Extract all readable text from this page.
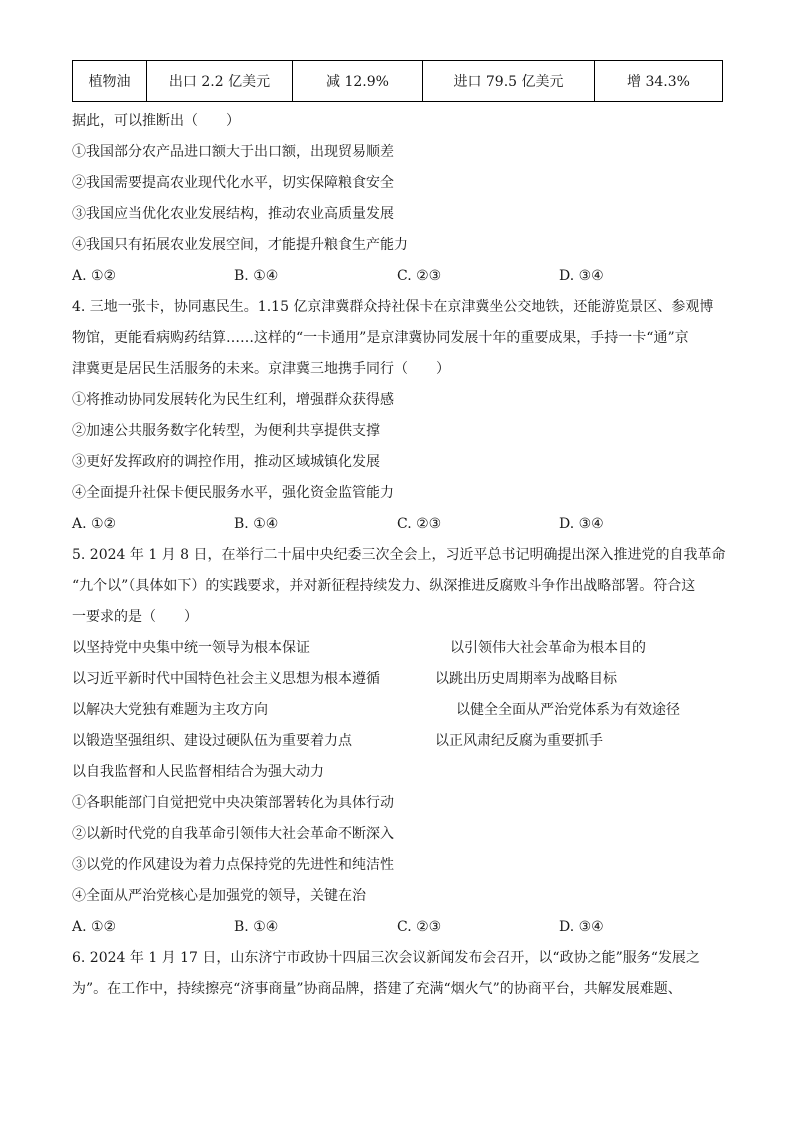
植物油	出口 2.2 亿美元	减 12.9%	进口 79.5 亿美元	增 34.3%
据此，可以推断出（　　）
①我国部分农产品进口额大于出口额，出现贸易顺差
②我国需要提高农业现代化水平，切实保障粮食安全
③我国应当优化农业发展结构，推动农业高质量发展
④我国只有拓展农业发展空间，才能提升粮食生产能力
A. ①②	B. ①④	C. ②③	D. ③④
4. 三地一张卡，协同惠民生。1.15 亿京津冀群众持社保卡在京津冀坐公交地铁，还能游览景区、参观博
物馆，更能看病购药结算……这样的“一卡通用”是京津冀协同发展十年的重要成果，手持一卡“通”京
津冀更是居民生活服务的未来。京津冀三地携手同行（　　）
①将推动协同发展转化为民生红利，增强群众获得感
②加速公共服务数字化转型，为便利共享提供支撑
③更好发挥政府的调控作用，推动区域城镇化发展
④全面提升社保卡便民服务水平，强化资金监管能力
A. ①②	B. ①④	C. ②③	D. ③④
5. 2024 年 1 月 8 日，在举行二十届中央纪委三次全会上，习近平总书记明确提出深入推进党的自我革命
“九个以”（具体如下）的实践要求，并对新征程持续发力、纵深推进反腐败斗争作出战略部署。符合这
一要求的是（　　）
以坚持党中央集中统一领导为根本保证	以引领伟大社会革命为根本目的
以习近平新时代中国特色社会主义思想为根本遵循	以跳出历史周期率为战略目标
以解决大党独有难题为主攻方向	以健全全面从严治党体系为有效途径
以锻造坚强组织、建设过硬队伍为重要着力点	以正风肃纪反腐为重要抓手
以自我监督和人民监督相结合为强大动力
①各职能部门自觉把党中央决策部署转化为具体行动
②以新时代党的自我革命引领伟大社会革命不断深入
③以党的作风建设为着力点保持党的先进性和纯洁性
④全面从严治党核心是加强党的领导，关键在治
A. ①②	B. ①④	C. ②③	D. ③④
6. 2024 年 1 月 17 日，山东济宁市政协十四届三次会议新闻发布会召开，以“政协之能”服务“发展之
为”。在工作中，持续擦亮“济事商量”协商品牌，搭建了充满“烟火气”的协商平台，共解发展难题、
